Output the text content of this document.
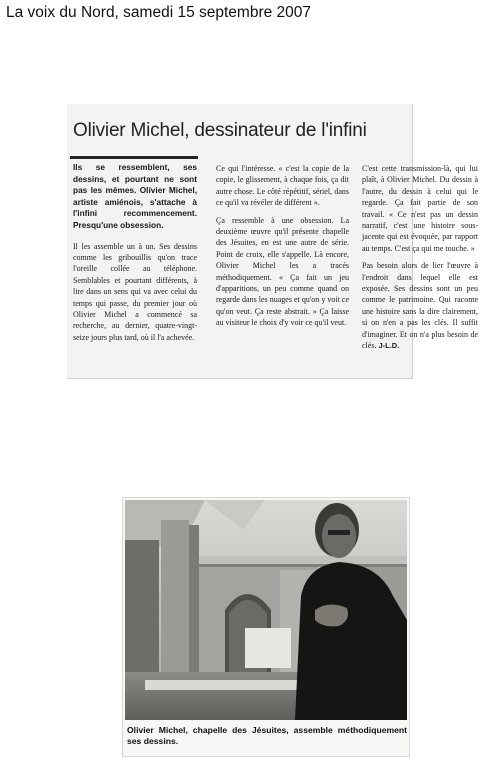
La voix du Nord, samedi 15 septembre 2007
Olivier Michel, dessinateur de l'infini

Ils se ressemblent, ses dessins, et pourtant ne sont pas les mêmes. Olivier Michel, artiste amiénois, s'attache à l'infini recommencement. Presqu'une obsession.

Il les assemble un à un. Ses dessins comme les gribouillis qu'on trace l'oreille collée au téléphone. Semblables et pourtant différents, à lire dans un sens qui va avec celui du temps qui passe, du premier jour où Olivier Michel a commencé sa recherche, au dernier, quatre-vingt-seize jours plus tard, où il l'a achevée.

Ce qui l'intéresse. « c'est la copie de la copie, le glissement, à chaque fois, ça dit autre chose. Le côté répétitif, sériel, dans ce qu'il va révéler de différent ».

Ça ressemble à une obsession. La deuxième œuvre qu'il présente chapelle des Jésuites, en est une autre de série. Point de croix, elle s'appelle. Là encore, Olivier Michel les a tracés méthodiquement. « Ça fait un jeu d'apparitions, un peu comme quand on regarde dans les nuages et qu'on y voit ce qu'on veut. Ça reste abstrait. » Ça laisse au visiteur le choix d'y voir ce qu'il veut.

C'est cette transmission-là, qui lui plaît, à Olivier Michel. Du dessin à l'autre, du dessin à celui qui le regarde. Ça fait partie de son travail. « Ce n'est pas un dessin narratif, c'est une histoire sous-jacente qui est évoquée, par rapport au temps. C'est ça qui me touche. »

Pas besoin alors de lier l'œuvre à l'endroit dans lequel elle est exposée. Ses dessins sont un peu comme le patrimoine. Qui raconte une histoire sans la dire clairement, si on n'en a pas les clés. Il suffit d'imaginer. Et on n'a plus besoin de clés. J-L.D.

Olivier Michel, chapelle des Jésuites, assemble méthodiquement ses dessins.
